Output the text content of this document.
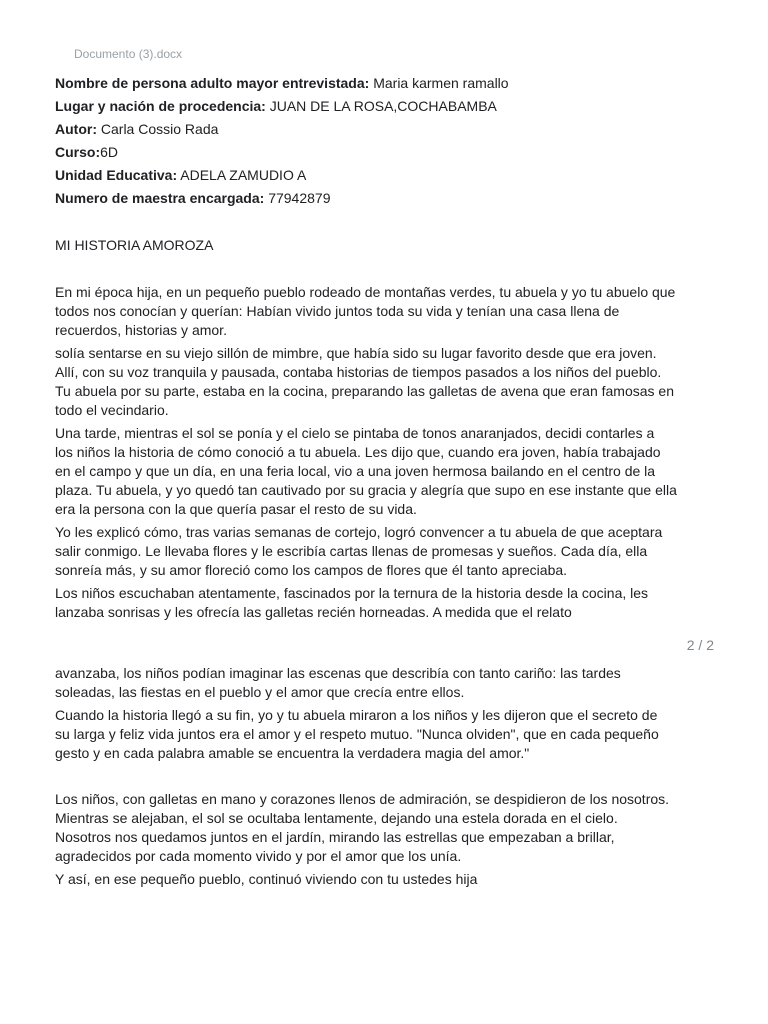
Documento (3).docx
Nombre de persona adulto mayor entrevistada: Maria karmen ramallo
Lugar y nación de procedencia: JUAN DE LA ROSA,COCHABAMBA
Autor: Carla Cossio Rada
Curso:6D
Unidad Educativa: ADELA ZAMUDIO A
Numero de maestra encargada: 77942879
MI HISTORIA AMOROZA
En mi época hija, en un pequeño pueblo rodeado de montañas verdes, tu abuela y yo tu abuelo que
todos nos conocían y querían: Habían vivido juntos toda su vida y tenían una casa llena de
recuerdos, historias y amor.
solía sentarse en su viejo sillón de mimbre, que había sido su lugar favorito desde que era joven.
Allí, con su voz tranquila y pausada, contaba historias de tiempos pasados a los niños del pueblo.
Tu abuela por su parte, estaba en la cocina, preparando las galletas de avena que eran famosas en
todo el vecindario.
Una tarde, mientras el sol se ponía y el cielo se pintaba de tonos anaranjados, decidi contarles a
los niños la historia de cómo conoció a tu abuela. Les dijo que, cuando era joven, había trabajado
en el campo y que un día, en una feria local, vio a una joven hermosa bailando en el centro de la
plaza. Tu abuela, y yo quedó tan cautivado por su gracia y alegría que supo en ese instante que ella
era la persona con la que quería pasar el resto de su vida.
Yo les explicó cómo, tras varias semanas de cortejo, logró convencer a tu abuela de que aceptara
salir conmigo. Le llevaba flores y le escribía cartas llenas de promesas y sueños. Cada día, ella
sonreía más, y su amor floreció como los campos de flores que él tanto apreciaba.
Los niños escuchaban atentamente, fascinados por la ternura de la historia desde la cocina, les
lanzaba sonrisas y les ofrecía las galletas recién horneadas. A medida que el relato
2 / 2
avanzaba, los niños podían imaginar las escenas que describía con tanto cariño: las tardes
soleadas, las fiestas en el pueblo y el amor que crecía entre ellos.
Cuando la historia llegó a su fin, yo y tu abuela miraron a los niños y les dijeron que el secreto de
su larga y feliz vida juntos era el amor y el respeto mutuo. "Nunca olviden", que en cada pequeño
gesto y en cada palabra amable se encuentra la verdadera magia del amor."
Los niños, con galletas en mano y corazones llenos de admiración, se despidieron de los nosotros.
Mientras se alejaban, el sol se ocultaba lentamente, dejando una estela dorada en el cielo.
Nosotros nos quedamos juntos en el jardín, mirando las estrellas que empezaban a brillar,
agradecidos por cada momento vivido y por el amor que los unía.
Y así, en ese pequeño pueblo, continuó viviendo con tu ustedes hija
